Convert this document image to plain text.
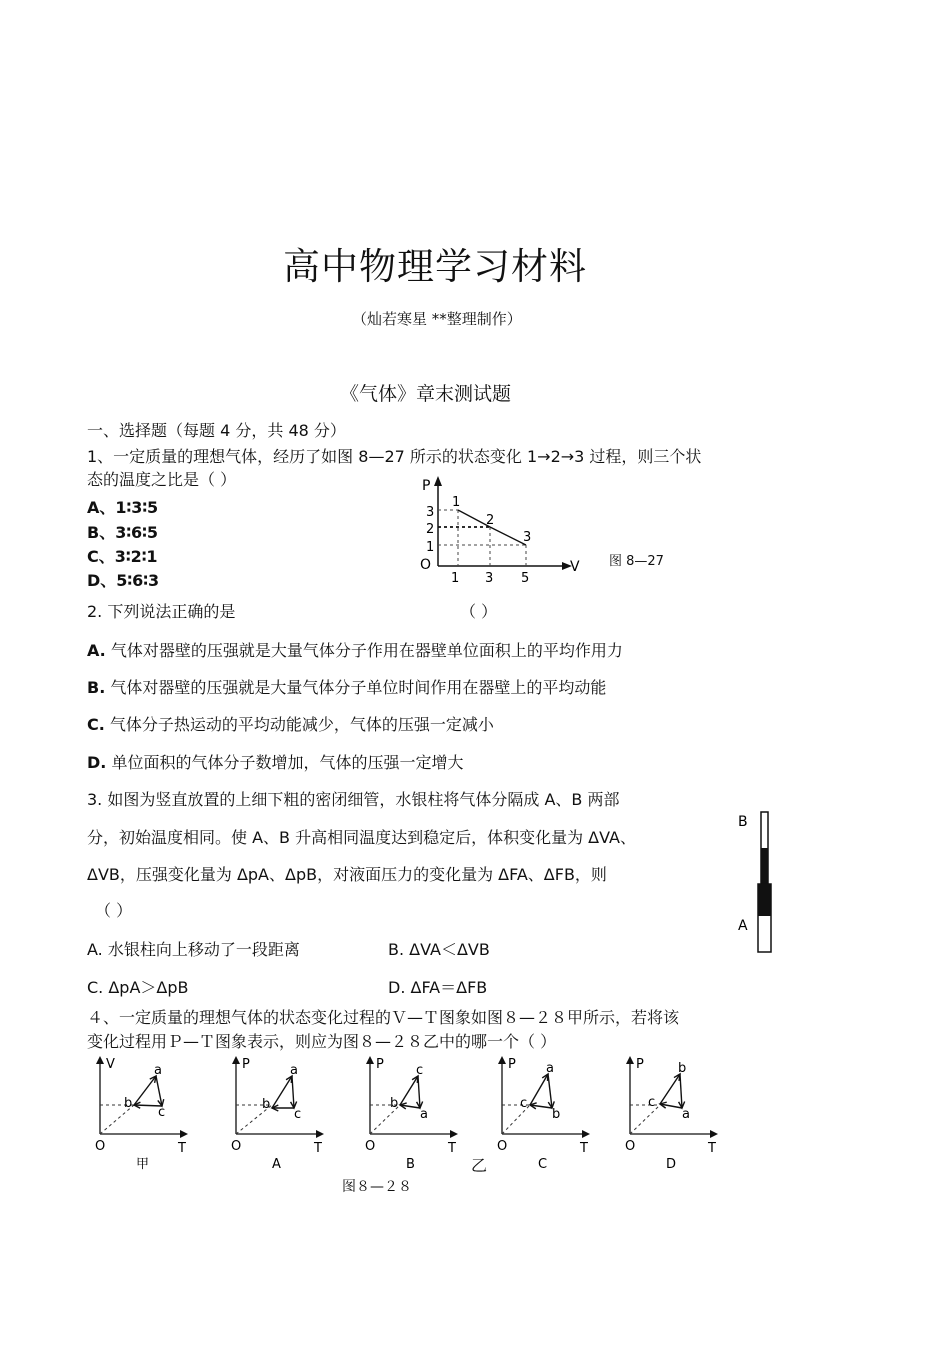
高中物理学习材料
（灿若寒星 **整理制作）
《气体》章末测试题
一、选择题（每题 4 分，共 48 分）
1、一定质量的理想气体，经历了如图 8—27 所示的状态变化 1→2→3 过程，则三个状
态的温度之比是（ ）
A、1∶3∶5
B、3∶6∶5
C、3∶2∶1
D、5∶6∶3
P
V
O
1 3 5
3
2
1
1
2
3
图 8—27
2. 下列说法正确的是	（ ）
A. 气体对器壁的压强就是大量气体分子作用在器壁单位面积上的平均作用力
B. 气体对器壁的压强就是大量气体分子单位时间作用在器壁上的平均动能
C. 气体分子热运动的平均动能减少，气体的压强一定减小
D. 单位面积的气体分子数增加，气体的压强一定增大
3. 如图为竖直放置的上细下粗的密闭细管，水银柱将气体分隔成 A、B 两部
分，初始温度相同。使 A、B 升高相同温度达到稳定后，体积变化量为 ΔVA、
ΔVB，压强变化量为 ΔpA、ΔpB，对液面压力的变化量为 ΔFA、ΔFB，则
（ ）
A. 水银柱向上移动了一段距离	B. ΔVA＜ΔVB
C. ΔpA＞ΔpB	D. ΔFA＝ΔFB
B
A
４、一定质量的理想气体的状态变化过程的Ｖ—Ｔ图象如图８—２８甲所示，若将该
变化过程用Ｐ—Ｔ图象表示，则应为图８—２８乙中的哪一个（ ）
V
T
O
甲
a
b
c
P
T
O
A
a
b
c
P
T
O
B
a
b
c	P
T
O
C
a
b
c
P
T
O
D
a
b
c
乙
图８—２８
